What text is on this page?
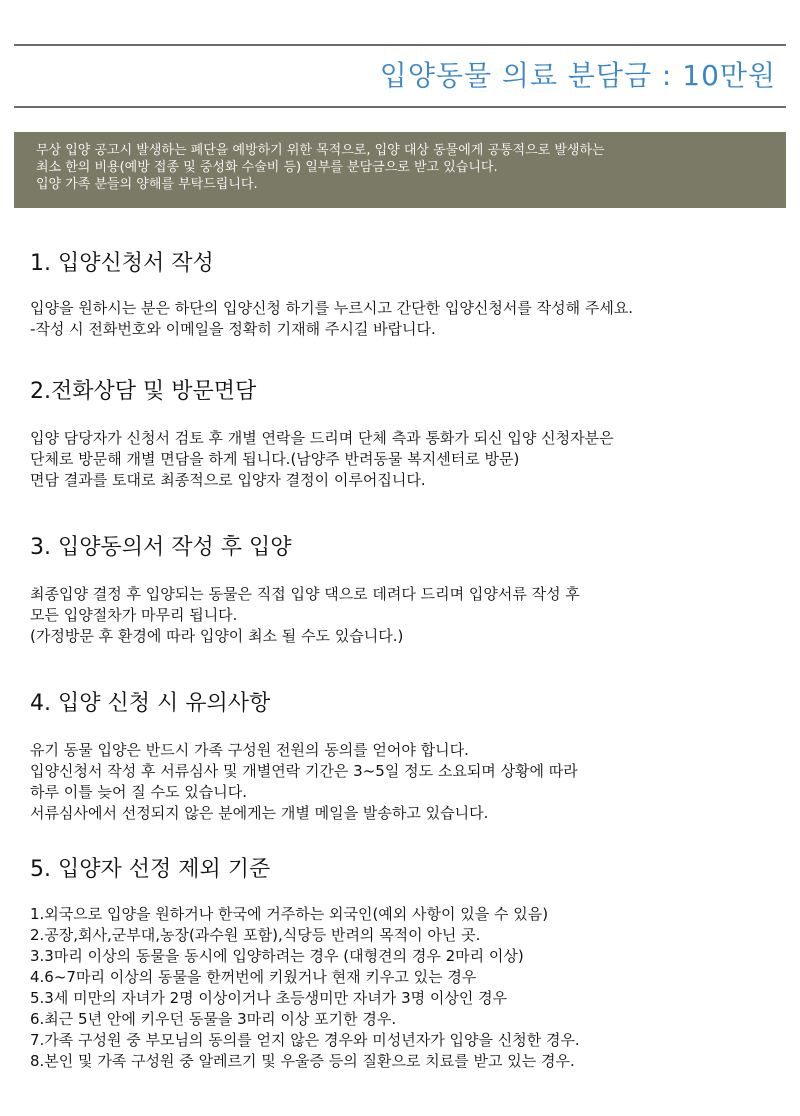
입양동물 의료 분담금 : 10만원
무상 입양 공고시 발생하는 폐단을 예방하기 위한 목적으로, 입양 대상 동물에게 공통적으로 발생하는
최소 한의 비용(예방 접종 및 중성화 수술비 등) 일부를 분담금으로 받고 있습니다.
입양 가족 분들의 양해를 부탁드립니다.
1. 입양신청서 작성
입양을 원하시는 분은 하단의 입양신청 하기를 누르시고 간단한 입양신청서를 작성해 주세요.
-작성 시 전화번호와 이메일을 정확히 기재해 주시길 바랍니다.
2.전화상담 및 방문면담
입양 담당자가 신청서 검토 후 개별 연락을 드리며 단체 측과 통화가 되신 입양 신청자분은
단체로 방문해 개별 면담을 하게 됩니다.(남양주 반려동물 복지센터로 방문)
면담 결과를 토대로 최종적으로 입양자 결정이 이루어집니다.
3. 입양동의서 작성 후 입양
최종입양 결정 후 입양되는 동물은 직접 입양 댁으로 데려다 드리며 입양서류 작성 후
모든 입양절차가 마무리 됩니다.
(가정방문 후 환경에 따라 입양이 최소 될 수도 있습니다.)
4. 입양 신청 시 유의사항
유기 동물 입양은 반드시 가족 구성원 전원의 동의를 얻어야 합니다.
입양신청서 작성 후 서류심사 및 개별연락 기간은 3~5일 정도 소요되며 상황에 따라
하루 이틀 늦어 질 수도 있습니다.
서류심사에서 선정되지 않은 분에게는 개별 메일을 발송하고 있습니다.
5. 입양자 선정 제외 기준
1.외국으로 입양을 원하거나 한국에 거주하는 외국인(예외 사항이 있을 수 있음)
2.공장,회사,군부대,농장(과수원 포함),식당등 반려의 목적이 아닌 곳.
3.3마리 이상의 동물을 동시에 입양하려는 경우 (대형견의 경우 2마리 이상)
4.6~7마리 이상의 동물을 한꺼번에 키웠거나 현재 키우고 있는 경우
5.3세 미만의 자녀가 2명 이상이거나 초등생미만 자녀가 3명 이상인 경우
6.최근 5년 안에 키우던 동물을 3마리 이상 포기한 경우.
7.가족 구성원 중 부모님의 동의를 얻지 않은 경우와 미성년자가 입양을 신청한 경우.
8.본인 및 가족 구성원 중 알레르기 및 우울증 등의 질환으로 치료를 받고 있는 경우.
